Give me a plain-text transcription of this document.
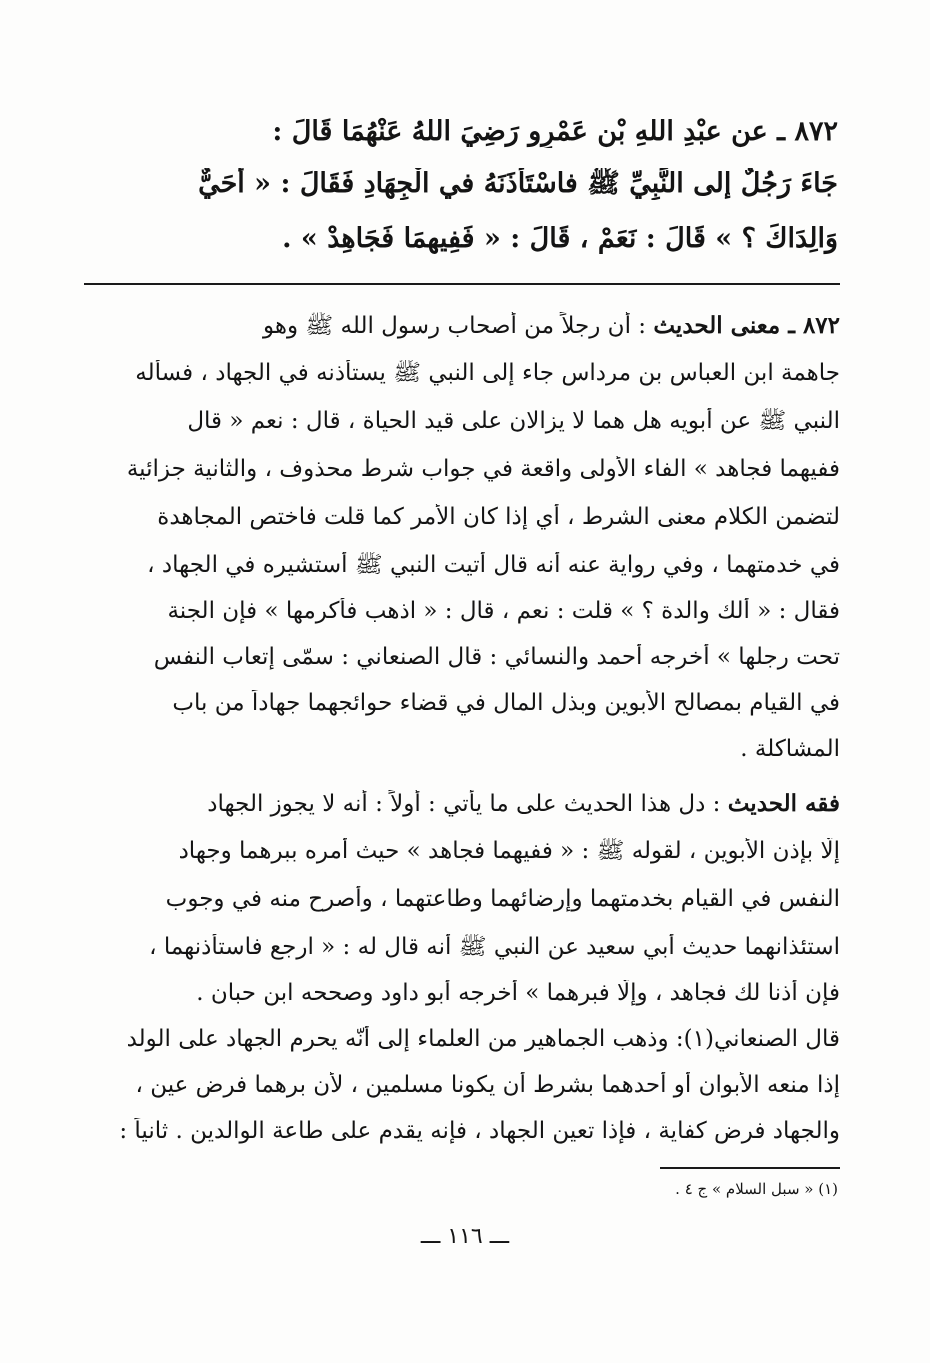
٨٧٢ ـ عن عبْدِ اللهِ بْنِ عَمْرٍو رَضِيَ اللهُ عَنْهُمَا قَالَ :
جَاءَ رَجُلٌ إلى النَّبِيِّ ﷺ فاسْتَأْذَنَهُ في الْجِهَادِ فَقَالَ : « أَحَيٌّ
وَالِدَاكَ ؟ » قَالَ : نَعَمْ ، قَالَ : « فَفِيهِمَا فَجَاهِدْ » .
٨٧٢ ـ معنى الحديث : أن رجلاً من أصحاب رسول الله ﷺ وهو
جاهمة ابن العباس بن مرداس جاء إلى النبي ﷺ يستأذنه في الجهاد ، فسأله
النبي ﷺ عن أبويه هل هما لا يزالان على قيد الحياة ، قال : نعم « قال
ففيهما فجاهد » الفاء الأولى واقعة في جواب شرط محذوف ، والثانية جزائية
لتضمن الكلام معنى الشرط ، أي إذا كان الأمر كما قلت فاختص المجاهدة
في خدمتهما ، وفي رواية عنه أنه قال أتيت النبي ﷺ أستشيره في الجهاد ،
فقال : « ألك والدة ؟ » قلت : نعم ، قال : « اذهب فأكرمها » فإن الجنة
تحت رجلها » أخرجه أحمد والنسائي : قال الصنعاني : سمّى إتعاب النفس
في القيام بمصالح الأبوين وبذل المال في قضاء حوائجهما جهاداً من باب
المشاكلة .
فقه الحديث : دل هذا الحديث على ما يأتي : أولاً : أنه لا يجوز الجهاد
إلّا بإذن الأبوين ، لقوله ﷺ : « ففيهما فجاهد » حيث أمره ببرهما وجهاد
النفس في القيام بخدمتهما وإرضائهما وطاعتهما ، وأصرح منه في وجوب
استئذانهما حديث أبي سعيد عن النبي ﷺ أنه قال له : « ارجع فاستأذنهما ،
فإن أذنا لك فجاهد ، وإلّا فبرهما » أخرجه أبو داود وصححه ابن حبان .
قال الصنعاني(١): وذهب الجماهير من العلماء إلى أنّه يحرم الجهاد على الولد
إذا منعه الأبوان أو أحدهما بشرط أن يكونا مسلمين ، لأن برهما فرض عين ،
والجهاد فرض كفاية ، فإذا تعين الجهاد ، فإنه يقدم على طاعة الوالدين . ثانياً :
(١) « سبل السلام » ج ٤ .
ـــ ١١٦ ـــ
